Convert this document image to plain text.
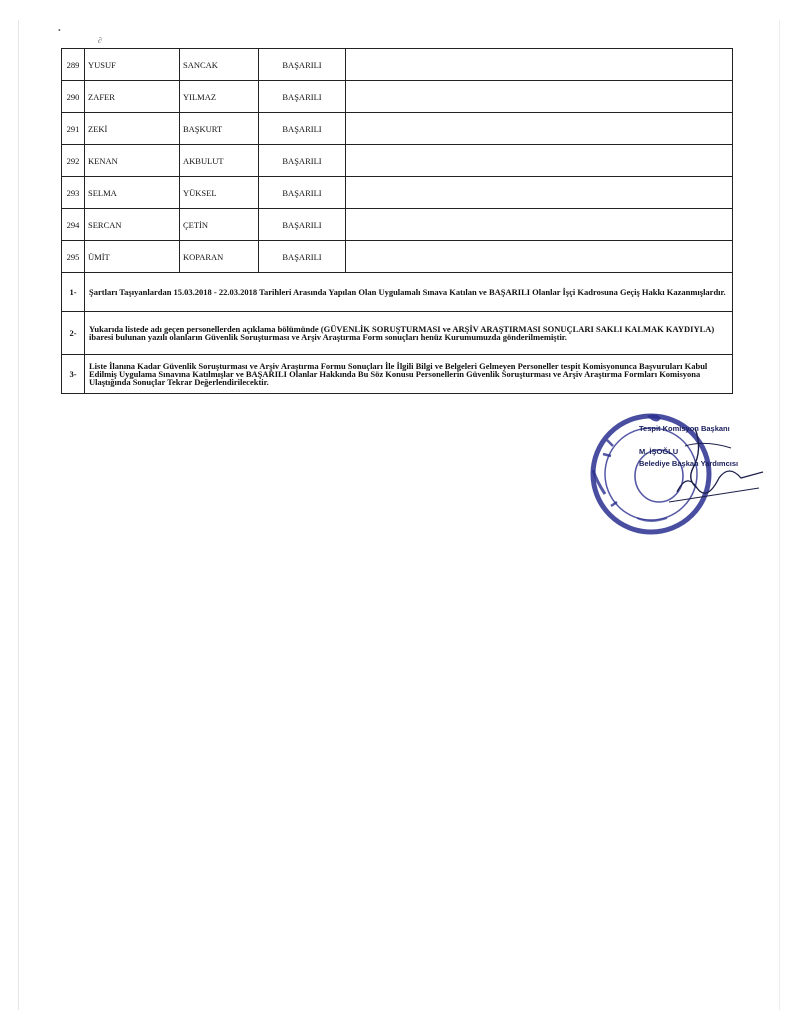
•
∂
289	YUSUF	SANCAK	BAŞARILI	
290	ZAFER	YILMAZ	BAŞARILI	
291	ZEKİ	BAŞKURT	BAŞARILI	
292	KENAN	AKBULUT	BAŞARILI	
293	SELMA	YÜKSEL	BAŞARILI	
294	SERCAN	ÇETİN	BAŞARILI	
295	ÜMİT	KOPARAN	BAŞARILI	
1-	Şartları Taşıyanlardan 15.03.2018 - 22.03.2018 Tarihleri Arasında Yapılan Olan Uygulamalı Sınava Katılan ve BAŞARILI Olanlar İşçi Kadrosuna Geçiş Hakkı Kazanmışlardır.			
2-	Yukarıda listede adı geçen personellerden açıklama bölümünde (GÜVENLİK SORUŞTURMASI ve ARŞİV ARAŞTIRMASI SONUÇLARI SAKLI KALMAK KAYDIYLA) ibaresi bulunan yazılı olanların Güvenlik Soruşturması ve Arşiv Araştırma Form sonuçları henüz Kurumumuzda gönderilmemiştir.			
3-	Liste İlanına Kadar Güvenlik Soruşturması ve Arşiv Araştırma Formu Sonuçları İle İlgili Bilgi ve Belgeleri Gelmeyen Personeller tespit Komisyonunca Başvuruları Kabul Edilmiş Uygulama Sınavına Katılmışlar ve BAŞARILI Olanlar Hakkında Bu Söz Konusu Personellerin Güvenlik Soruşturması ve Arşiv Araştırma Formları Komisyona Ulaştığında Sonuçlar Tekrar Değerlendirilecektir.			
Tespit Komisyon Başkanı
M. İŞOĞLU
Belediye Başkan Yardımcısı
